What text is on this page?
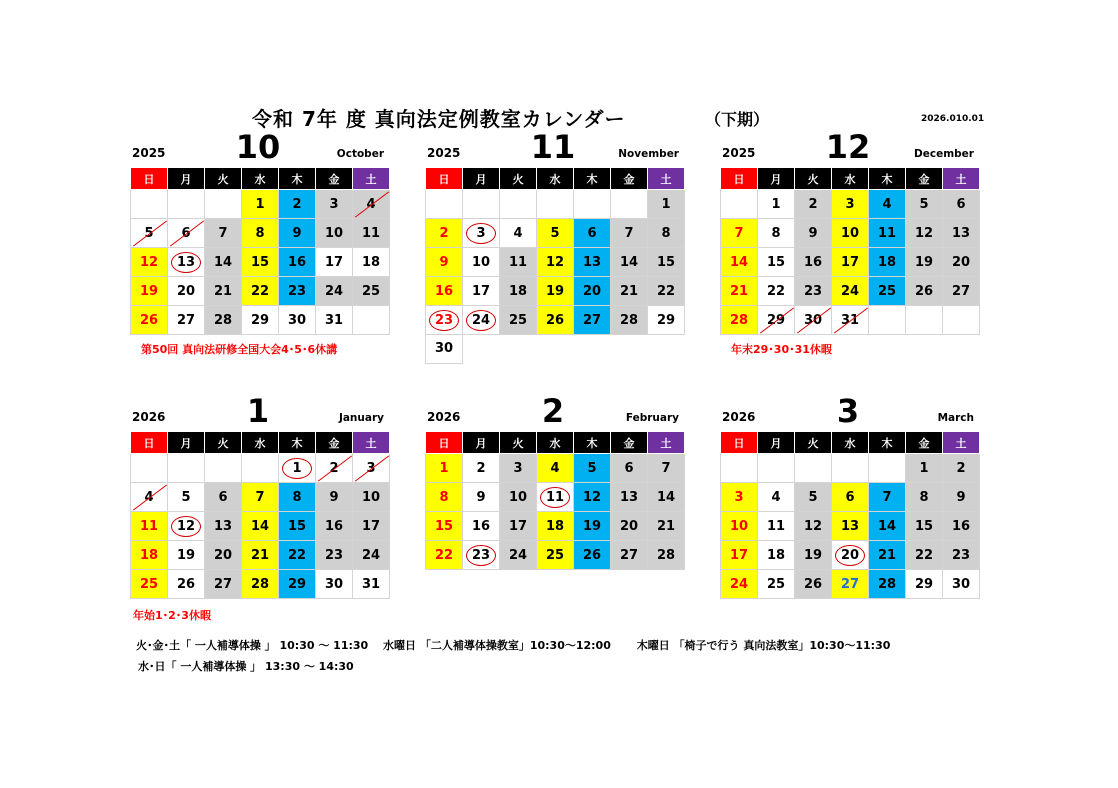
令和 7年 度 真向法定例教室カレンダー	（下期）	2026.010.01
2025	10	October
日	月	火	水	木	金	土
			1	2	3	4
5	6	7	8	9	10	11
12	13	14	15	16	17	18
19	20	21	22	23	24	25
26	27	28	29	30	31	
第50回 真向法研修全国大会4･5･6休講
2025	11	November
日	月	火	水	木	金	土
						1
2	3	4	5	6	7	8
9	10	11	12	13	14	15
16	17	18	19	20	21	22
23	24	25	26	27	28	29
30
2025	12	December
日	月	火	水	木	金	土
	1	2	3	4	5	6
7	8	9	10	11	12	13
14	15	16	17	18	19	20
21	22	23	24	25	26	27
28	29	30	31			
年末29･30･31休暇
2026	1	January
日	月	火	水	木	金	土
				1	2	3
4	5	6	7	8	9	10
11	12	13	14	15	16	17
18	19	20	21	22	23	24
25	26	27	28	29	30	31
年始1･2･3休暇
2026	2	February
日	月	火	水	木	金	土
1	2	3	4	5	6	7
8	9	10	11	12	13	14
15	16	17	18	19	20	21
22	23	24	25	26	27	28
2026	3	March
日	月	火	水	木	金	土
					1	2
3	4	5	6	7	8	9
10	11	12	13	14	15	16
17	18	19	20	21	22	23
24	25	26	27	28	29	30
火･金･土「 一人補導体操 」 10:30 ～ 11:30　 水曜日 「二人補導体操教室」10:30～12:00　　 木曜日 「椅子で行う 真向法教室」10:30～11:30
水･日「 一人補導体操 」 13:30 ～ 14:30
